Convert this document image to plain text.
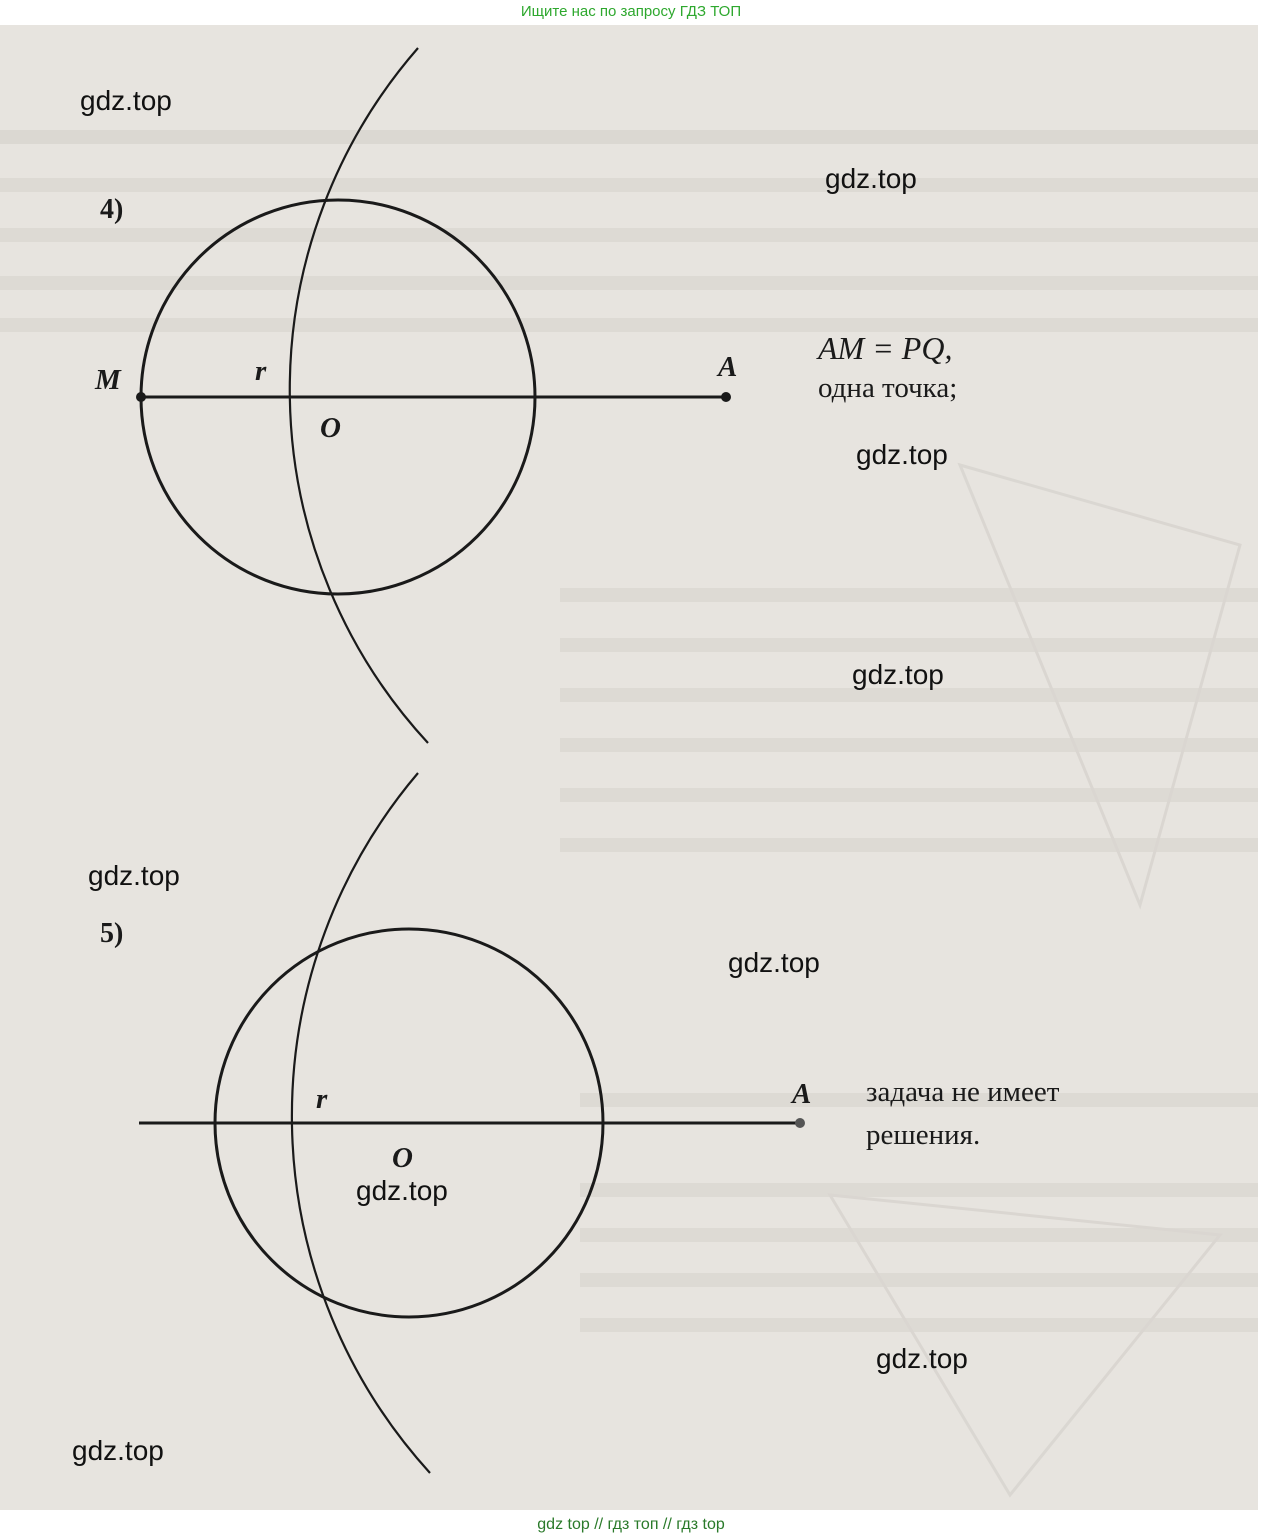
Ищите нас по запросу ГДЗ ТОП
4)
M	r
O
A
AM = PQ,
одна точка;
5)
r
O
A задача не имеет
решения.
gdz.top
gdz.top
gdz.top
gdz.top
gdz.top
gdz.top
gdz.top
gdz.top
gdz.top
gdz top // гдз топ // гдз top
